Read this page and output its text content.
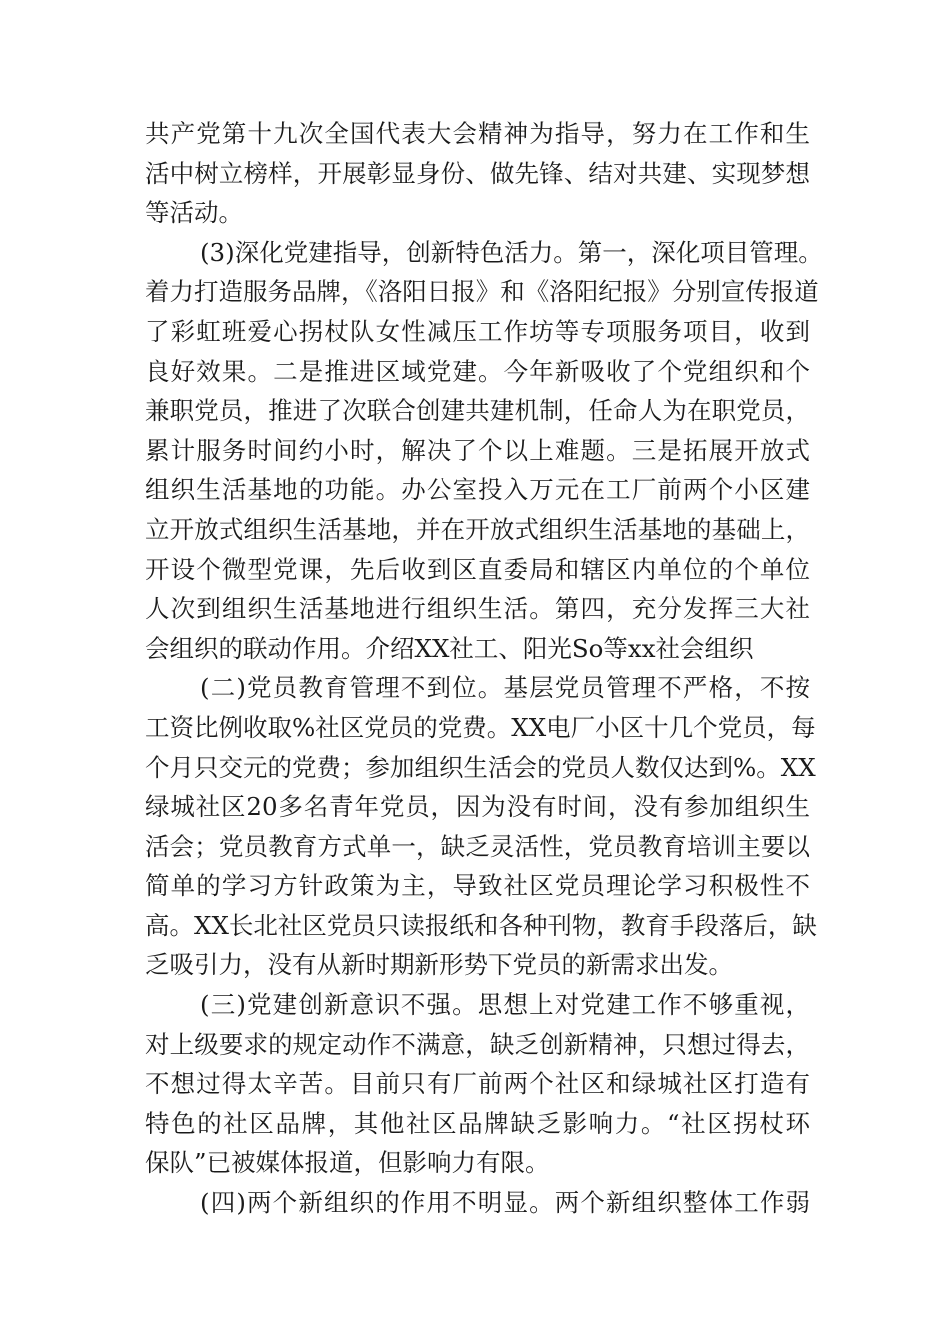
共产党第十九次全国代表大会精神为指导，努力在工作和生
活中树立榜样，开展彰显身份、做先锋、结对共建、实现梦想
等活动。
(3)深化党建指导，创新特色活力。第一，深化项目管理。
着力打造服务品牌，《洛阳日报》和《洛阳纪报》分别宣传报道
了彩虹班爱心拐杖队女性减压工作坊等专项服务项目，收到
良好效果。二是推进区域党建。今年新吸收了个党组织和个
兼职党员，推进了次联合创建共建机制，任命人为在职党员，
累计服务时间约小时，解决了个以上难题。三是拓展开放式
组织生活基地的功能。办公室投入万元在工厂前两个小区建
立开放式组织生活基地，并在开放式组织生活基地的基础上，
开设个微型党课，先后收到区直委局和辖区内单位的个单位
人次到组织生活基地进行组织生活。第四，充分发挥三大社
会组织的联动作用。介绍XX社工、阳光So等xx社会组织
(二)党员教育管理不到位。基层党员管理不严格，不按
工资比例收取%社区党员的党费。XX电厂小区十几个党员，每
个月只交元的党费；参加组织生活会的党员人数仅达到%。XX
绿城社区20多名青年党员，因为没有时间，没有参加组织生
活会；党员教育方式单一，缺乏灵活性，党员教育培训主要以
简单的学习方针政策为主，导致社区党员理论学习积极性不
高。XX长北社区党员只读报纸和各种刊物，教育手段落后，缺
乏吸引力，没有从新时期新形势下党员的新需求出发。
(三)党建创新意识不强。思想上对党建工作不够重视，
对上级要求的规定动作不满意，缺乏创新精神，只想过得去，
不想过得太辛苦。目前只有厂前两个社区和绿城社区打造有
特色的社区品牌，其他社区品牌缺乏影响力。“社区拐杖环
保队”已被媒体报道，但影响力有限。
(四)两个新组织的作用不明显。两个新组织整体工作弱
